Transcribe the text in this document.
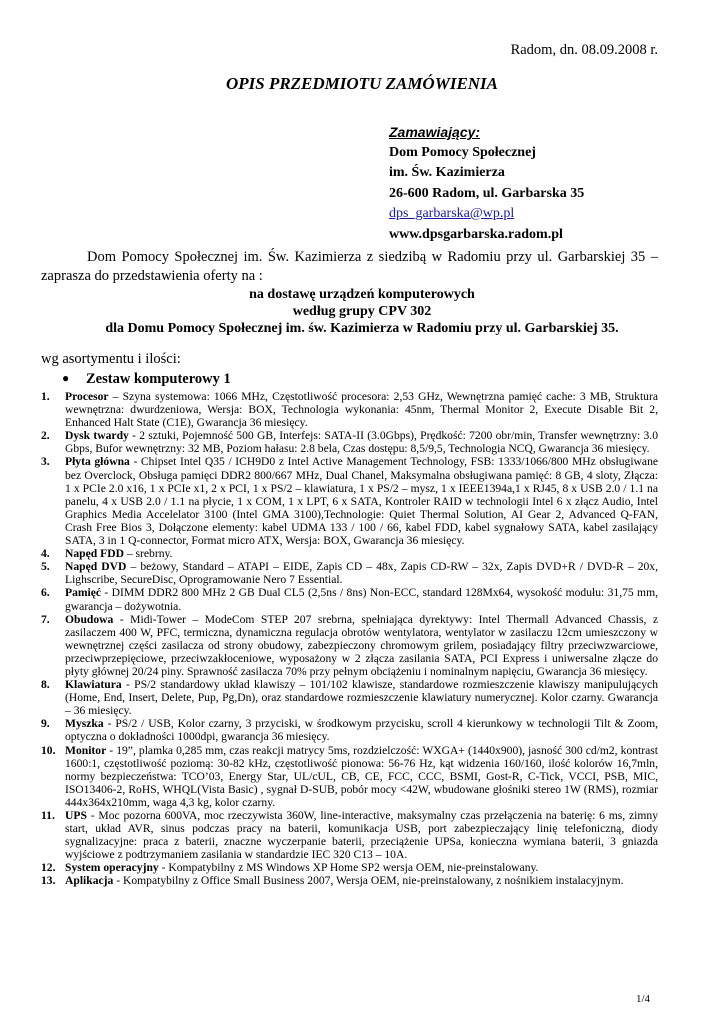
Radom, dn. 08.09.2008 r.
OPIS PRZEDMIOTU ZAMÓWIENIA
Zamawiający:
Dom Pomocy Społecznej
im. Św. Kazimierza
26-600 Radom, ul. Garbarska 35
dps_garbarska@wp.pl
www.dpsgarbarska.radom.pl
Dom Pomocy Społecznej im. Św. Kazimierza z siedzibą w Radomiu przy ul. Garbarskiej 35 – zaprasza do przedstawienia oferty na :
na dostawę urządzeń komputerowych
według grupy CPV 302
dla Domu Pomocy Społecznej im. św. Kazimierza w Radomiu przy ul. Garbarskiej 35.
wg asortymentu i ilości:
● Zestaw komputerowy 1
1.	Procesor – Szyna systemowa: 1066 MHz, Częstotliwość procesora: 2,53 GHz, Wewnętrzna pamięć cache: 3 MB, Struktura wewnętrzna: dwurdzeniowa, Wersja: BOX, Technologia wykonania: 45nm, Thermal Monitor 2, Execute Disable Bit 2, Enhanced Halt State (C1E), Gwarancja 36 miesięcy.
2.	Dysk twardy - 2 sztuki, Pojemność 500 GB, Interfejs: SATA-II (3.0Gbps), Prędkość: 7200 obr/min, Transfer wewnętrzny: 3.0 Gbps, Bufor wewnętrzny: 32 MB, Poziom hałasu: 2.8 bela, Czas dostępu: 8,5/9,5, Technologia NCQ, Gwarancja 36 miesięcy.
3.	Płyta główna - Chipset Intel Q35 / ICH9D0 z Intel Active Management Technology, FSB: 1333/1066/800 MHz obsługiwane bez Overclock, Obsługa pamięci DDR2 800/667 MHz, Dual Chanel, Maksymalna obsługiwana pamięć: 8 GB, 4 sloty, Złącza: 1 x PCIe 2.0 x16, 1 x PCIe x1, 2 x PCI, 1 x PS/2 – klawiatura, 1 x PS/2 – mysz, 1 x IEEE1394a,1 x RJ45, 8 x USB 2.0 / 1.1 na panelu, 4 x USB 2.0 / 1.1 na płycie, 1 x COM, 1 x LPT, 6 x SATA, Kontroler RAID w technologii Intel 6 x złącz Audio, Intel Graphics Media Accelelator 3100 (Intel GMA 3100),Technologie: Quiet Thermal Solution, AI Gear 2, Advanced Q-FAN, Crash Free Bios 3, Dołączone elementy: kabel UDMA 133 / 100 / 66, kabel FDD, kabel sygnałowy SATA, kabel zasilający SATA, 3 in 1 Q-connector, Format micro ATX, Wersja: BOX, Gwarancja 36 miesięcy.
4.	Napęd FDD – srebrny.
5.	Napęd DVD – beżowy, Standard – ATAPI – EIDE, Zapis CD – 48x, Zapis CD-RW – 32x, Zapis DVD+R / DVD-R – 20x, Lighscribe, SecureDisc, Oprogramowanie Nero 7 Essential.
6.	Pamięć - DIMM DDR2 800 MHz 2 GB Dual CL5 (2,5ns / 8ns) Non-ECC, standard 128Mx64, wysokość modułu: 31,75 mm, gwarancja – dożywotnia.
7.	Obudowa - Midi-Tower – ModeCom STEP 207 srebrna, spełniająca dyrektywy: Intel Thermall Advanced Chassis, z zasilaczem 400 W, PFC, termiczna, dynamiczna regulacja obrotów wentylatora, wentylator w zasilaczu 12cm umieszczony w wewnętrznej części zasilacza od strony obudowy, zabezpieczony chromowym grilem, posiadający filtry przeciwzwarciowe, przeciwprzepięciowe, przeciwzakłoceniowe, wyposażony w 2 złącza zasilania SATA, PCI Express i uniwersalne złącze do płyty głównej 20/24 piny. Sprawność zasilacza 70% przy pełnym obciążeniu i nominalnym napięciu, Gwarancja 36 miesięcy.
8.	Klawiatura - PS/2 standardowy układ klawiszy – 101/102 klawisze, standardowe rozmieszczenie klawiszy manipulujących (Home, End, Insert, Delete, Pup, Pg,Dn), oraz standardowe rozmieszczenie klawiatury numerycznej. Kolor czarny. Gwarancja – 36 miesięcy.
9.	Myszka - PS/2 / USB, Kolor czarny, 3 przyciski, w środkowym przycisku, scroll 4 kierunkowy w technologii Tilt & Zoom, optyczna o dokładności 1000dpi, gwarancja 36 miesięcy.
10. Monitor - 19”, plamka 0,285 mm, czas reakcji matrycy 5ms, rozdzielczość: WXGA+ (1440x900), jasność 300 cd/m2, kontrast 1600:1, częstotliwość poziomą: 30-82 kHz, częstotliwość pionowa: 56-76 Hz, kąt widzenia 160/160, ilość kolorów 16,7mln, normy bezpieczeństwa: TCO’03, Energy Star, UL/cUL, CB, CE, FCC, CCC, BSMI, Gost-R, C-Tick, VCCI, PSB, MIC, ISO13406-2, RoHS, WHQL(Vista Basic) , sygnał D-SUB, pobór mocy <42W, wbudowane głośniki stereo 1W (RMS), rozmiar 444x364x210mm, waga 4,3 kg, kolor czarny.
11. UPS - Moc pozorna 600VA, moc rzeczywista 360W, line-interactive, maksymalny czas przełączenia na baterię: 6 ms, zimny start, układ AVR, sinus podczas pracy na baterii, komunikacja USB, port zabezpieczający linię telefoniczną, diody sygnalizacyjne: praca z baterii, znaczne wyczerpanie baterii, przeciążenie UPSa, konieczna wymiana baterii, 3 gniazda wyjściowe z podtrzymaniem zasilania w standardzie IEC 320 C13 – 10A.
12. System operacyjny - Kompatybilny z MS Windows XP Home SP2 wersja OEM, nie-preinstalowany.
13. Aplikacja - Kompatybilny z Office Small Business 2007, Wersja OEM, nie-preinstalowany, z nośnikiem instalacyjnym.
1/4
